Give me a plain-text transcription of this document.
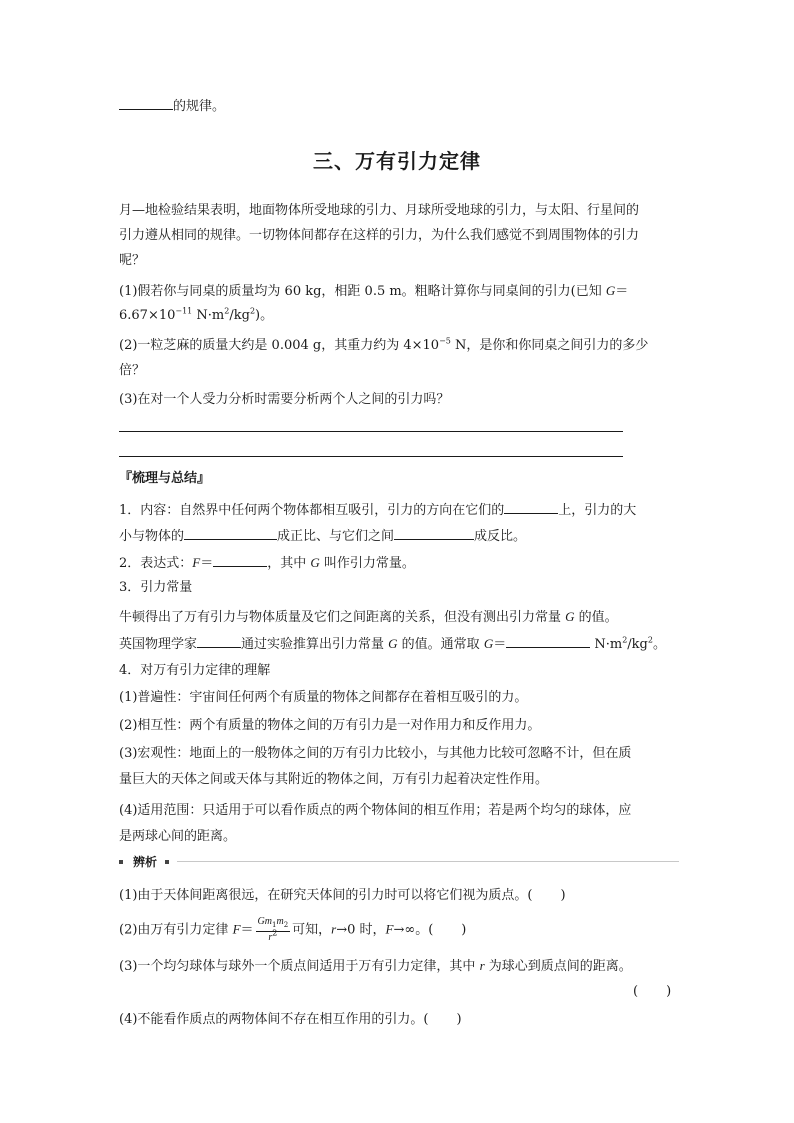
的规律。
三、万有引力定律
月—地检验结果表明，地面物体所受地球的引力、月球所受地球的引力，与太阳、行星间的
引力遵从相同的规律。一切物体间都存在这样的引力，为什么我们感觉不到周围物体的引力
呢？
(1)假若你与同桌的质量均为 60 kg，相距 0.5 m。粗略计算你与同桌间的引力(已知 G＝
$6.67\times 10^{-11}$ $N\cdot m^2/kg^2$)。
(2)一粒芝麻的质量大约是 0.004 g，其重力约为 $4\times 10^{-5}$ N，是你和你同桌之间引力的多少
倍？
(3)在对一个人受力分析时需要分析两个人之间的引力吗？
『梳理与总结』
1．内容：自然界中任何两个物体都相互吸引，引力的方向在它们的	上，引力的大
小与物体的	成正比、与它们之间	成反比。
2．表达式：F＝	，其中 G 叫作引力常量。
3．引力常量
牛顿得出了万有引力与物体质量及它们之间距离的关系，但没有测出引力常量 G 的值。
英国物理学家	通过实验推算出引力常量 G 的值。通常取 G＝	$N\cdot m^2/kg^2$。
4．对万有引力定律的理解
(1)普遍性：宇宙间任何两个有质量的物体之间都存在着相互吸引的力。
(2)相互性：两个有质量的物体之间的万有引力是一对作用力和反作用力。
(3)宏观性：地面上的一般物体之间的万有引力比较小，与其他力比较可忽略不计，但在质
量巨大的天体之间或天体与其附近的物体之间，万有引力起着决定性作用。
(4)适用范围：只适用于可以看作质点的两个物体间的相互作用；若是两个均匀的球体，应
是两球心间的距离。
辨析
(1)由于天体间距离很远，在研究天体间的引力时可以将它们视为质点。( )
(2)由万有引力定律 $F= \frac{Gm_1m_2}{r^2}$ 可知，r→0 时，F→∞。( )
(3)一个均匀球体与球外一个质点间适用于万有引力定律，其中 r 为球心到质点间的距离。
( )
(4)不能看作质点的两物体间不存在相互作用的引力。( )
